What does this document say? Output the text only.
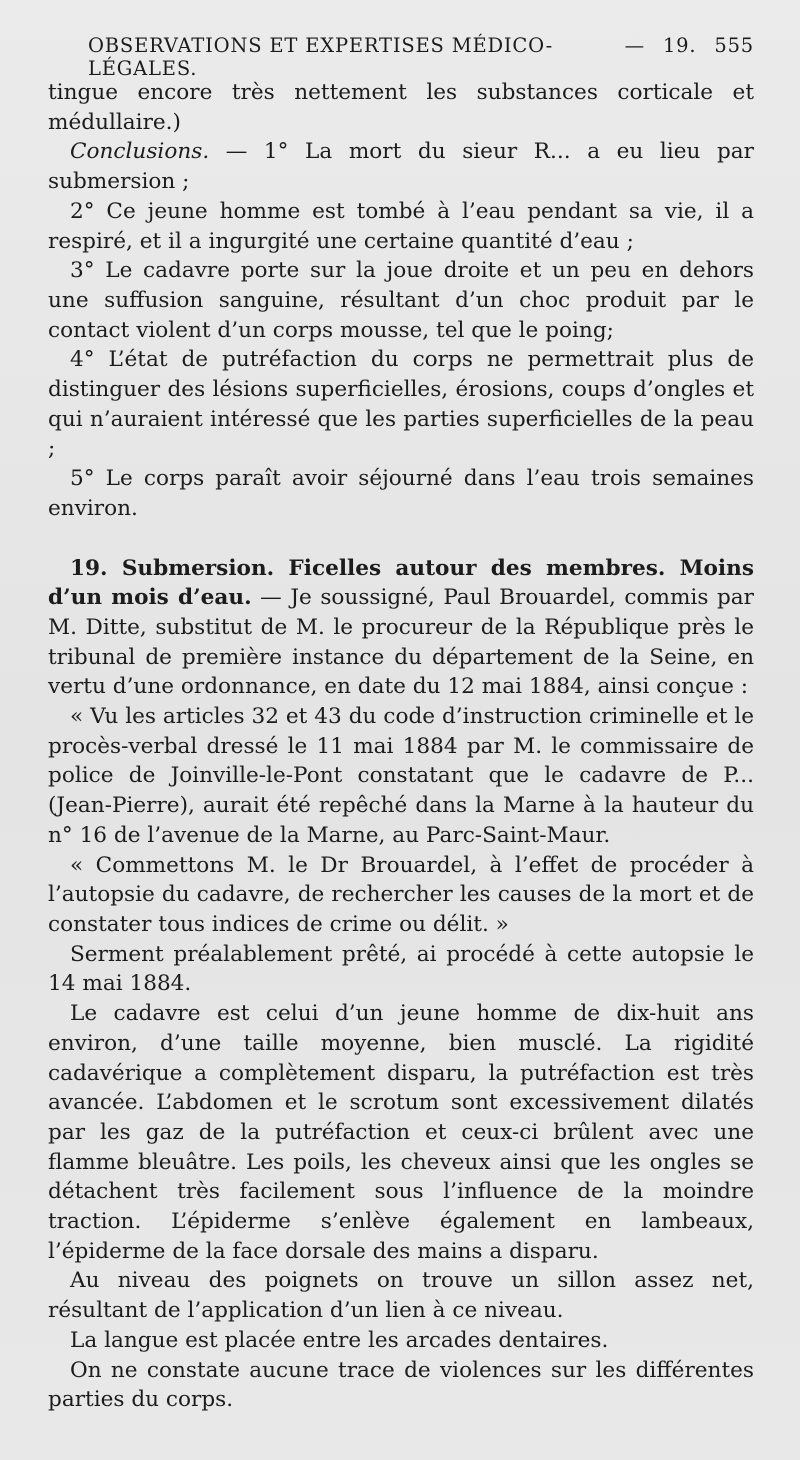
OBSERVATIONS ET EXPERTISES MÉDICO-LÉGALES.
— 19. 555

tingue encore très nettement les substances corticale et médullaire.)

Conclusions. — 1° La mort du sieur R... a eu lieu par submersion ;

2° Ce jeune homme est tombé à l’eau pendant sa vie, il a respiré, et il a ingurgité une certaine quantité d’eau ;

3° Le cadavre porte sur la joue droite et un peu en dehors une suffusion sanguine, résultant d’un choc produit par le contact violent d’un corps mousse, tel que le poing;

4° L’état de putréfaction du corps ne permettrait plus de distinguer des lésions superficielles, érosions, coups d’ongles et qui n’auraient intéressé que les parties superficielles de la peau ;

5° Le corps paraît avoir séjourné dans l’eau trois semaines environ.

19. Submersion. Ficelles autour des membres. Moins d’un mois d’eau. — Je soussigné, Paul Brouardel, commis par M. Ditte, substitut de M. le procureur de la République près le tribunal de première instance du département de la Seine, en vertu d’une ordonnance, en date du 12 mai 1884, ainsi conçue :

« Vu les articles 32 et 43 du code d’instruction criminelle et le procès-verbal dressé le 11 mai 1884 par M. le commissaire de police de Joinville-le-Pont constatant que le cadavre de P... (Jean-Pierre), aurait été repêché dans la Marne à la hauteur du n° 16 de l’avenue de la Marne, au Parc-Saint-Maur.

« Commettons M. le Dr Brouardel, à l’effet de procéder à l’autopsie du cadavre, de rechercher les causes de la mort et de constater tous indices de crime ou délit. »

Serment préalablement prêté, ai procédé à cette autopsie le 14 mai 1884.

Le cadavre est celui d’un jeune homme de dix-huit ans environ, d’une taille moyenne, bien musclé. La rigidité cadavérique a complètement disparu, la putréfaction est très avancée. L’abdomen et le scrotum sont excessivement dilatés par les gaz de la putréfaction et ceux-ci brûlent avec une flamme bleuâtre. Les poils, les cheveux ainsi que les ongles se détachent très facilement sous l’influence de la moindre traction. L’épiderme s’enlève également en lambeaux, l’épiderme de la face dorsale des mains a disparu.

Au niveau des poignets on trouve un sillon assez net, résultant de l’application d’un lien à ce niveau.

La langue est placée entre les arcades dentaires.

On ne constate aucune trace de violences sur les différentes parties du corps.
